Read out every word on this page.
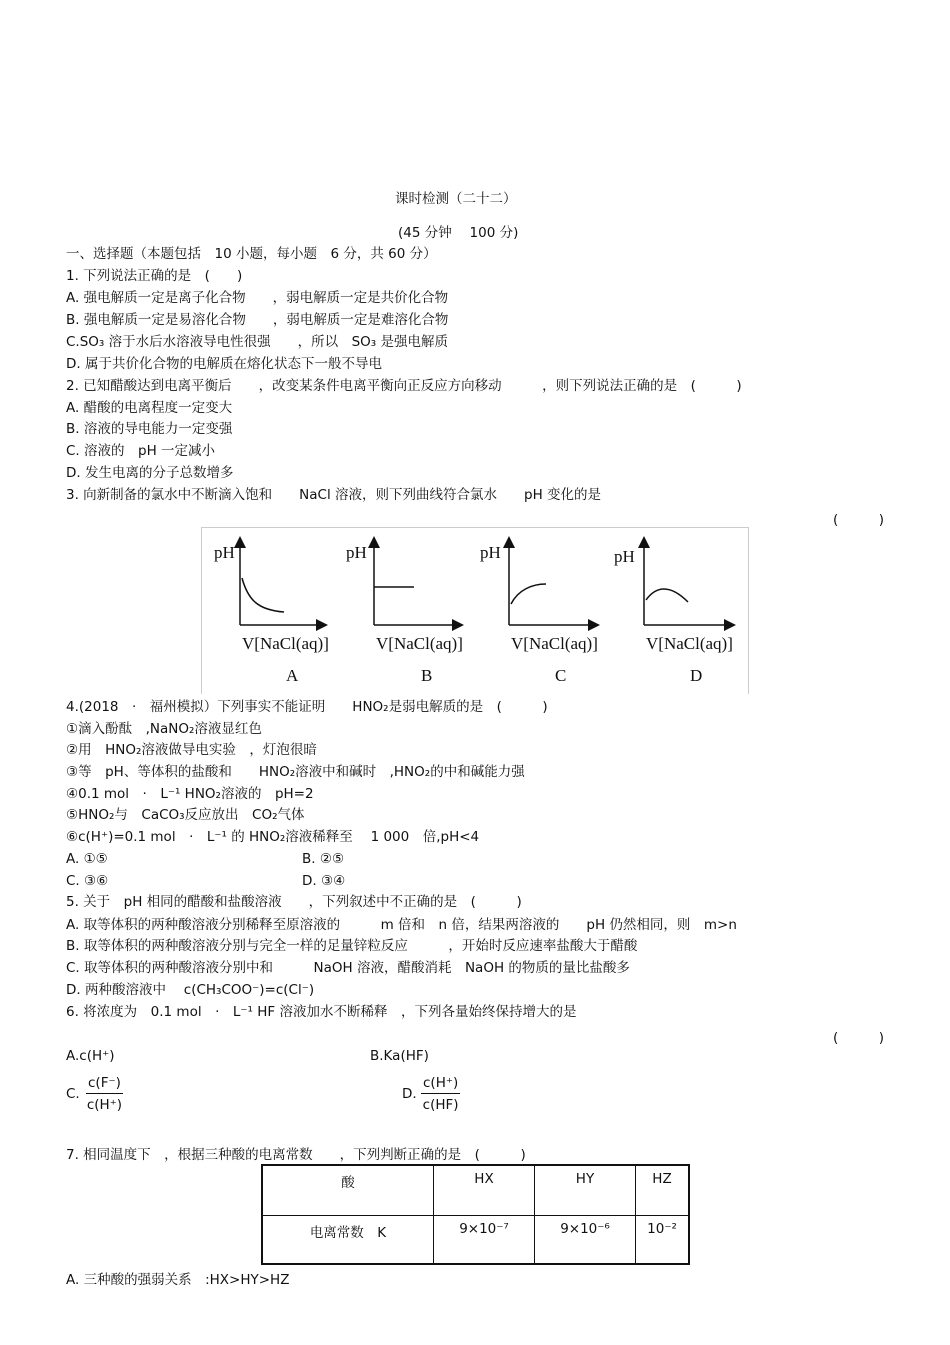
课时检测（二十二）
(45 分钟　 100 分)
一、选择题（本题包括　10 小题，每小题　6 分，共 60 分）
1. 下列说法正确的是　(　　)
A. 强电解质一定是离子化合物　　，弱电解质一定是共价化合物
B. 强电解质一定是易溶化合物　　，弱电解质一定是难溶化合物
C.SO₃ 溶于水后水溶液导电性很强　　，所以　SO₃ 是强电解质
D. 属于共价化合物的电解质在熔化状态下一般不导电
2. 已知醋酸达到电离平衡后　　，改变某条件电离平衡向正反应方向移动　　　，则下列说法正确的是　(　　　)
A. 醋酸的电离程度一定变大
B. 溶液的导电能力一定变强
C. 溶液的　pH 一定减小
D. 发生电离的分子总数增多
3. 向新制备的氯水中不断滴入饱和　　NaCl 溶液，则下列曲线符合氯水　　pH 变化的是
(　　　)
pH
V[NaCl(aq)]
A
pH
V[NaCl(aq)]
B
pH
V[NaCl(aq)]
C
pH
V[NaCl(aq)]
D
4.(2018　·　福州模拟）下列事实不能证明　　HNO₂是弱电解质的是　(　　　)
①滴入酚酞　,NaNO₂溶液显红色
②用　HNO₂溶液做导电实验　，灯泡很暗
③等　pH、等体积的盐酸和　　HNO₂溶液中和碱时　,HNO₂的中和碱能力强
④0.1 mol　·　L⁻¹ HNO₂溶液的　pH=2
⑤HNO₂与　CaCO₃反应放出　CO₂气体
⑥c(H⁺)=0.1 mol　·　L⁻¹ 的 HNO₂溶液稀释至　 1 000　倍,pH<4
A. ①⑤	B. ②⑤
C. ③⑥	D. ③④
5. 关于　pH 相同的醋酸和盐酸溶液　　，下列叙述中不正确的是　(　　　)
A. 取等体积的两种酸溶液分别稀释至原溶液的　　　m 倍和　n 倍，结果两溶液的　　pH 仍然相同，则　m>n
B. 取等体积的两种酸溶液分别与完全一样的足量锌粒反应　　　，开始时反应速率盐酸大于醋酸
C. 取等体积的两种酸溶液分别中和　　　NaOH 溶液，醋酸消耗　NaOH 的物质的量比盐酸多
D. 两种酸溶液中　 c(CH₃COO⁻)=c(Cl⁻)
6. 将浓度为　0.1 mol　·　L⁻¹ HF 溶液加水不断稀释　，下列各量始终保持增大的是
(　　　)
A.c(H⁺)	B.Ka(HF)
C. $\frac{c(F^-)}{c(H^+)}$	D. $\frac{c(H^+)}{c(HF)}$
7. 相同温度下　，根据三种酸的电离常数　　，下列判断正确的是　(　　　)
酸	HX	HY	HZ
电离常数　K	9×10⁻⁷	9×10⁻⁶	10⁻²
A. 三种酸的强弱关系　:HX>HY>HZ
